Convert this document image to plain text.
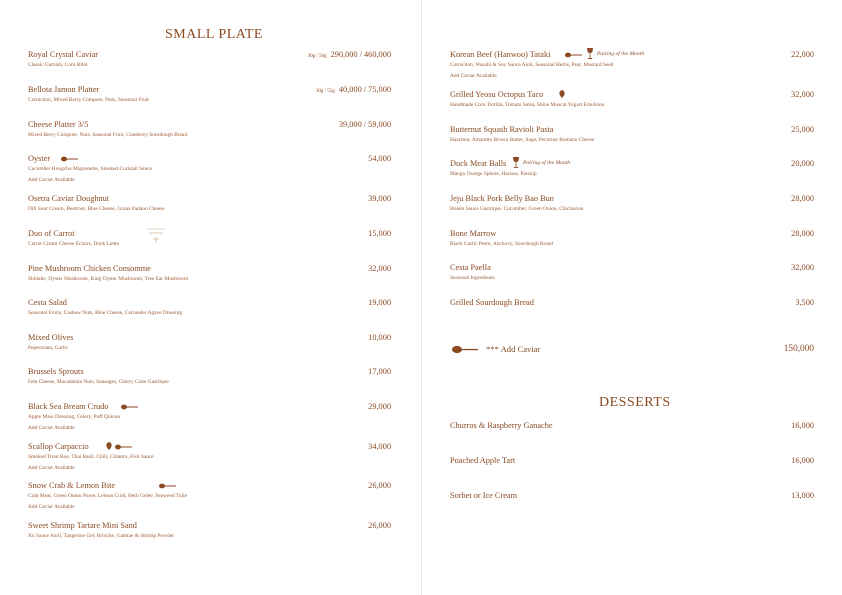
SMALL PLATE
Royal Crystal Caviar
Classic Garnish, Corn Blini
30g / 50g 290,000 / 460,000
Bellota Jamon Platter
Cornichon, Mixed Berry Compote, Nuts, Seasonal Fruit
30g / 55g 40,000 / 75,000
Cheese Platter 3/5
Mixed Berry Compote, Nuts, Seasonal Fruit, Cranberry Sourdough Bread
39,000 / 59,000
Oyster
Cucumber Hongcho Mignonette, Smoked Cocktail Sauce
Add Caviar Available
54,000
Osetra Caviar Doughnut
Dill Sour Cream, Beetroot, Blue Cheese, Grana Padano Cheese
39,000
Duo of Carrot
Carrot Cream Cheese Eclairs, Duck Liette
15,000
Pine Mushroom Chicken Consomme
Shiitake, Oyster Mushroom, King Oyster Mushroom, Tree Ear Mushroom
32,000
Cesta Salad
Seasonal Fruits, Cashew Nuts, Blue Cheese, Coriander Agave Dressing
19,000
Mixed Olives
Peperonata, Garlic
10,000
Brussels Sprouts
Feta Cheese, Macadamia Nuts, Sausages, Cherry Coke Gastrique
17,000
Black Sea Bream Crudo
Apple Miso Dressing, Celery, Puff Quinoa
Add Caviar Available
29,000
Scallop Carpaccio
Smoked Trout Roe, Thai Basil, Chili, Cilantro, Fish Sauce
Add Caviar Available
34,000
Snow Crab & Lemon Bite
Crab Meat, Green Onion Puree, Lemon Curd, Herb Gelée, Seaweed Tuile
Add Caviar Available
26,000
Sweet Shrimp Tartare Mini Sand
Xo Sauce Aioli, Tangerine Gel, Brioche, Gamtae & Shrimp Powder
26,000
Korean Beef (Hanwoo) Tataki	Pairing of the Month
Cornichon, Wasabi & Soy Sauce Aioli, Seasonal Herbs, Pear, Mustard Seed
Add Caviar Available
22,000
Grilled Yeosu Octopus Taco
Handmade Corn Tortilla, Tomato Salsa, Shine Muscat Yogurt Emulsion
32,000
Butternut Squash Ravioli Pasta
Hazelnut, Amaretto Brown Butter, Sage, Pecorino Romano Cheese
25,000
Duck Meat Balls	Pairing of the Month
Mango Orange Sphere, Harissa, Parsnip
20,000
Jeju Black Pork Belly Bao Bun
Hoisin Sauce Gastrique, Cucumber, Green Onion, Chicharron
28,000
Bone Marrow
Black Garlic Pesto, Anchovy, Sourdough Bread
28,000
Cesta Paella
Seasonal Ingredients
32,000
Grilled Sourdough Bread	3,500
*** Add Caviar	150,000
DESSERTS
Churros & Raspberry Ganache	16,000
Poached Apple Tart	16,000
Sorbet or Ice Cream	13,000
